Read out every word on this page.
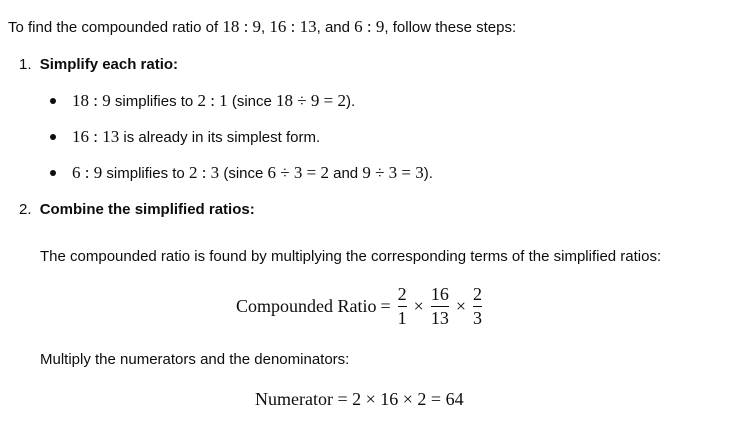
To find the compounded ratio of 18 : 9, 16 : 13, and 6 : 9, follow these steps:
1. Simplify each ratio:
18 : 9 simplifies to 2 : 1 (since 18 ÷ 9 = 2).
16 : 13 is already in its simplest form.
6 : 9 simplifies to 2 : 3 (since 6 ÷ 3 = 2 and 9 ÷ 3 = 3).
2. Combine the simplified ratios:
The compounded ratio is found by multiplying the corresponding terms of the simplified ratios:
Compounded Ratio = $\frac{2}{1} \times \frac{16}{13} \times \frac{2}{3}$
Multiply the numerators and the denominators:
Numerator = 2 × 16 × 2 = 64
